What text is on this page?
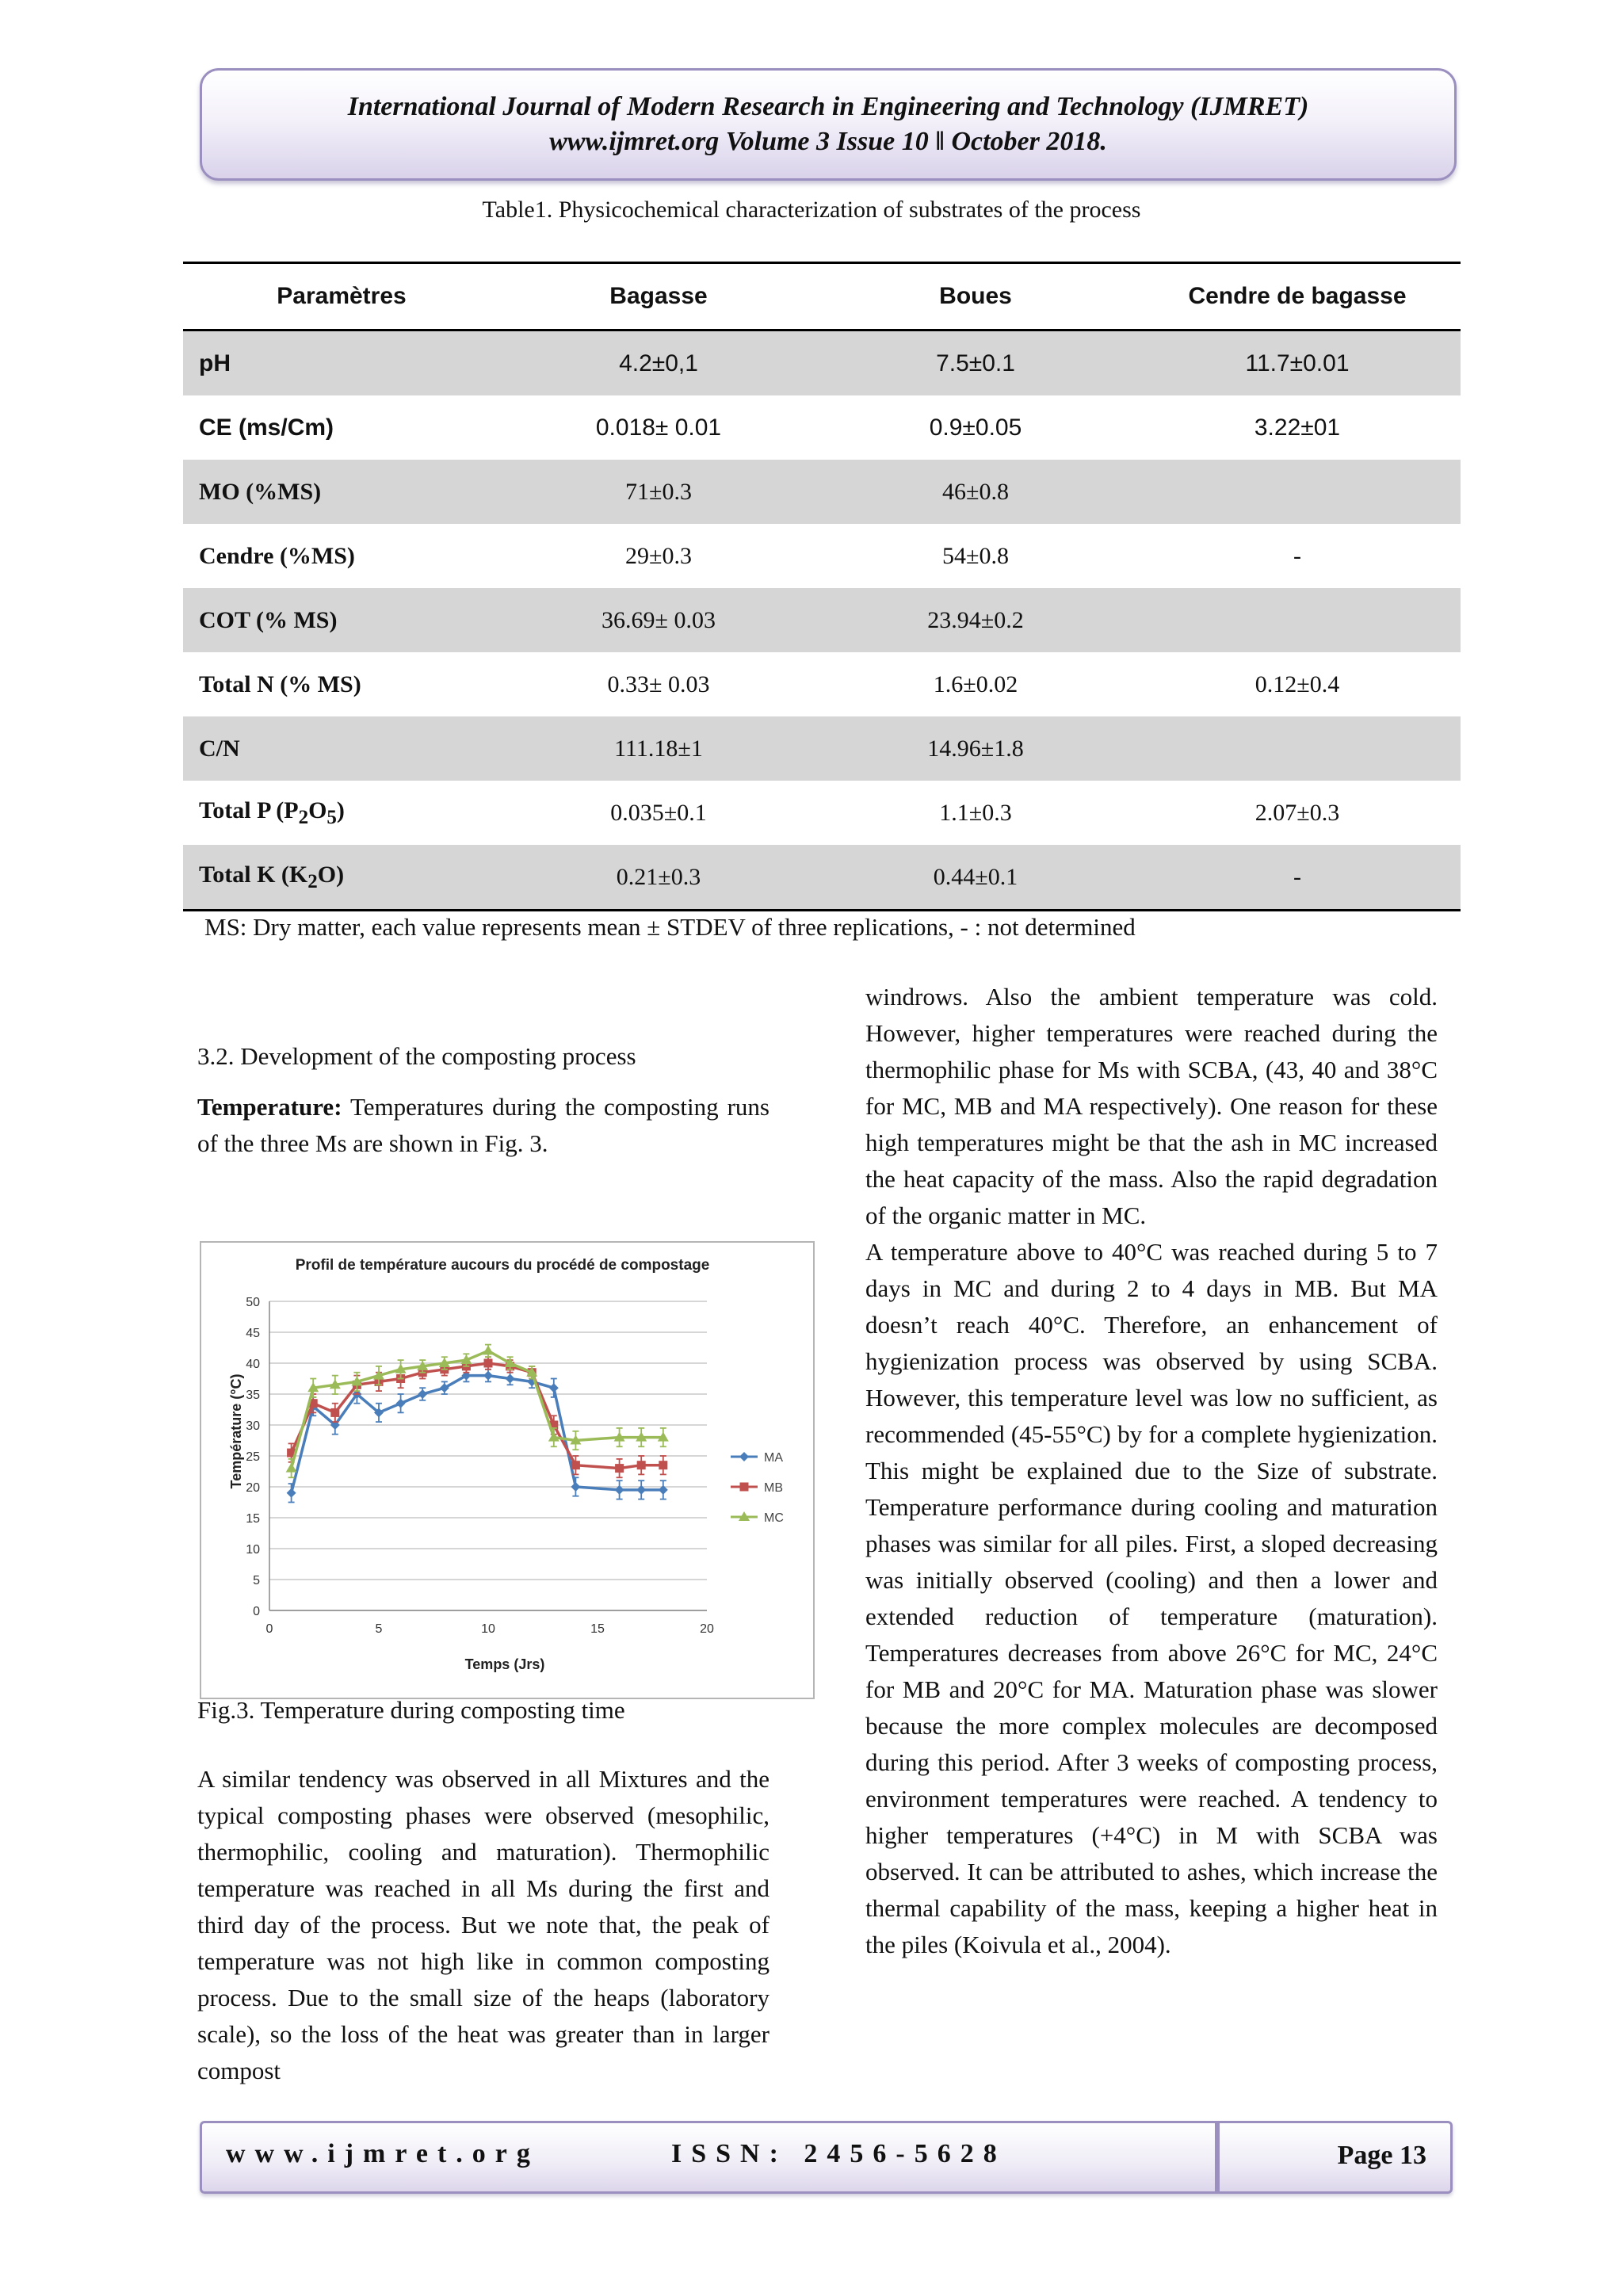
International Journal of Modern Research in Engineering and Technology (IJMRET)
www.ijmret.org Volume 3 Issue 10 ǁ October 2018.
Table1. Physicochemical characterization of substrates of the process
Paramètres	Bagasse	Boues	Cendre de bagasse
pH	4.2±0,1	7.5±0.1	11.7±0.01
CE (ms/Cm)	0.018± 0.01	0.9±0.05	3.22±01
MO (%MS)	71±0.3	46±0.8	
Cendre (%MS)	29±0.3	54±0.8	-
COT (% MS)	36.69± 0.03	23.94±0.2	
Total N (% MS)	0.33± 0.03	1.6±0.02	0.12±0.4
C/N	111.18±1	14.96±1.8	
Total P $(P_2O_5)$	0.035±0.1	1.1±0.3	2.07±0.3
Total K $(K_2O)$	0.21±0.3	0.44±0.1	-
MS: Dry matter, each value represents mean ± STDEV of three replications, - : not determined

3.2. Development of the composting process

Temperature: Temperatures during the composting runs of the three Ms are shown in Fig. 3.

Profil de température aucours du procédé de compostage
Température (°C)
Temps (Jrs)
0
5
10
15
20
25
30
35
40
45
50
0	5	10	15	20
MA
MB
MC
Fig.3. Temperature during composting time

A similar tendency was observed in all Mixtures and the typical composting phases were observed (mesophilic, thermophilic, cooling and maturation). Thermophilic temperature was reached in all Ms during the first and third day of the process. But we note that, the peak of temperature was not high like in common composting process. Due to the small size of the heaps (laboratory scale), so the loss of the heat was greater than in larger compost

windrows. Also the ambient temperature was cold. However, higher temperatures were reached during the thermophilic phase for Ms with SCBA, (43, 40 and 38°C for MC, MB and MA respectively). One reason for these high temperatures might be that the ash in MC increased the heat capacity of the mass. Also the rapid degradation of the organic matter in MC.

A temperature above to 40°C was reached during 5 to 7 days in MC and during 2 to 4 days in MB. But MA doesn’t reach 40°C. Therefore, an enhancement of hygienization process was observed by using SCBA. However, this temperature level was low no sufficient, as recommended (45-55°C) by for a complete hygienization. This might be explained due to the Size of substrate. Temperature performance during cooling and maturation phases was similar for all piles. First, a sloped decreasing was initially observed (cooling) and then a lower and extended reduction of temperature (maturation). Temperatures decreases from above 26°C for MC, 24°C for MB and 20°C for MA. Maturation phase was slower because the more complex molecules are decomposed during this period. After 3 weeks of composting process, environment temperatures were reached. A tendency to higher temperatures (+4°C) in M with SCBA was observed. It can be attributed to ashes, which increase the thermal capability of the mass, keeping a higher heat in the piles (Koivula et al., 2004).

www.ijmret.org	ISSN: 2456-5628	Page 13
